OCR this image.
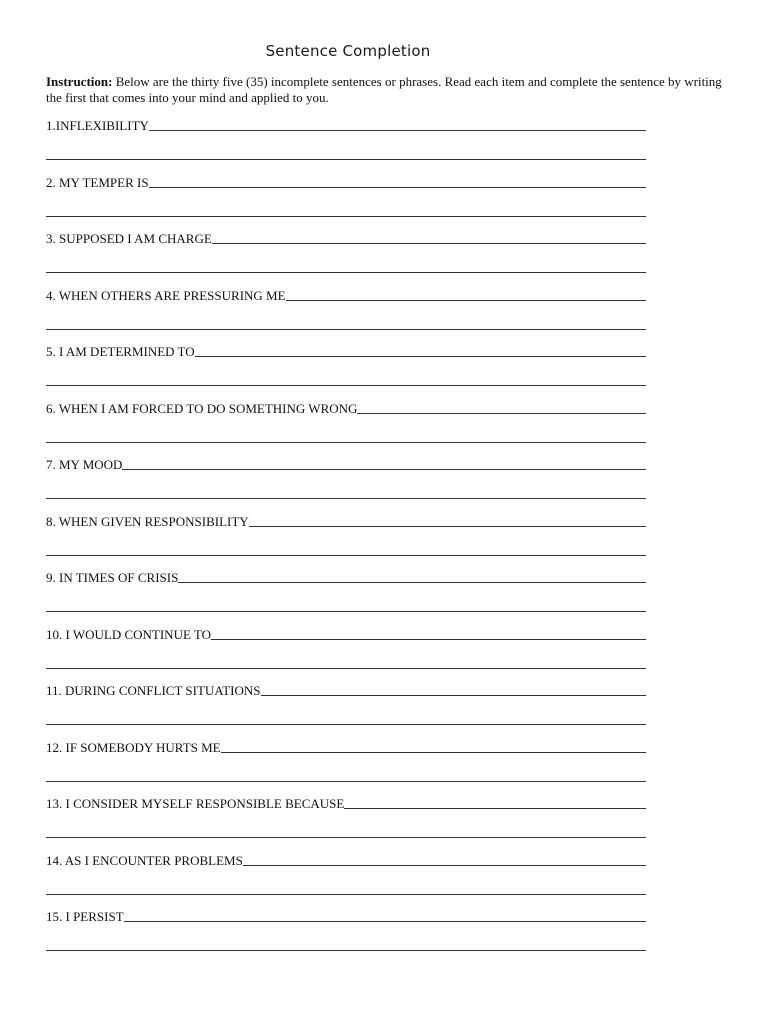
Sentence Completion
Instruction: Below are the thirty five (35) incomplete sentences or phrases. Read each item and complete the sentence by writing the first that comes into your mind and applied to you.
1.INFLEXIBILITY
2. MY TEMPER IS
3. SUPPOSED I AM CHARGE
4. WHEN OTHERS ARE PRESSURING ME
5. I AM DETERMINED TO
6. WHEN I AM FORCED TO DO SOMETHING WRONG
7. MY MOOD
8. WHEN GIVEN RESPONSIBILITY
9. IN TIMES OF CRISIS
10. I WOULD CONTINUE TO
11. DURING CONFLICT SITUATIONS
12. IF SOMEBODY HURTS ME
13. I CONSIDER MYSELF RESPONSIBLE BECAUSE
14. AS I ENCOUNTER PROBLEMS
15. I PERSIST
